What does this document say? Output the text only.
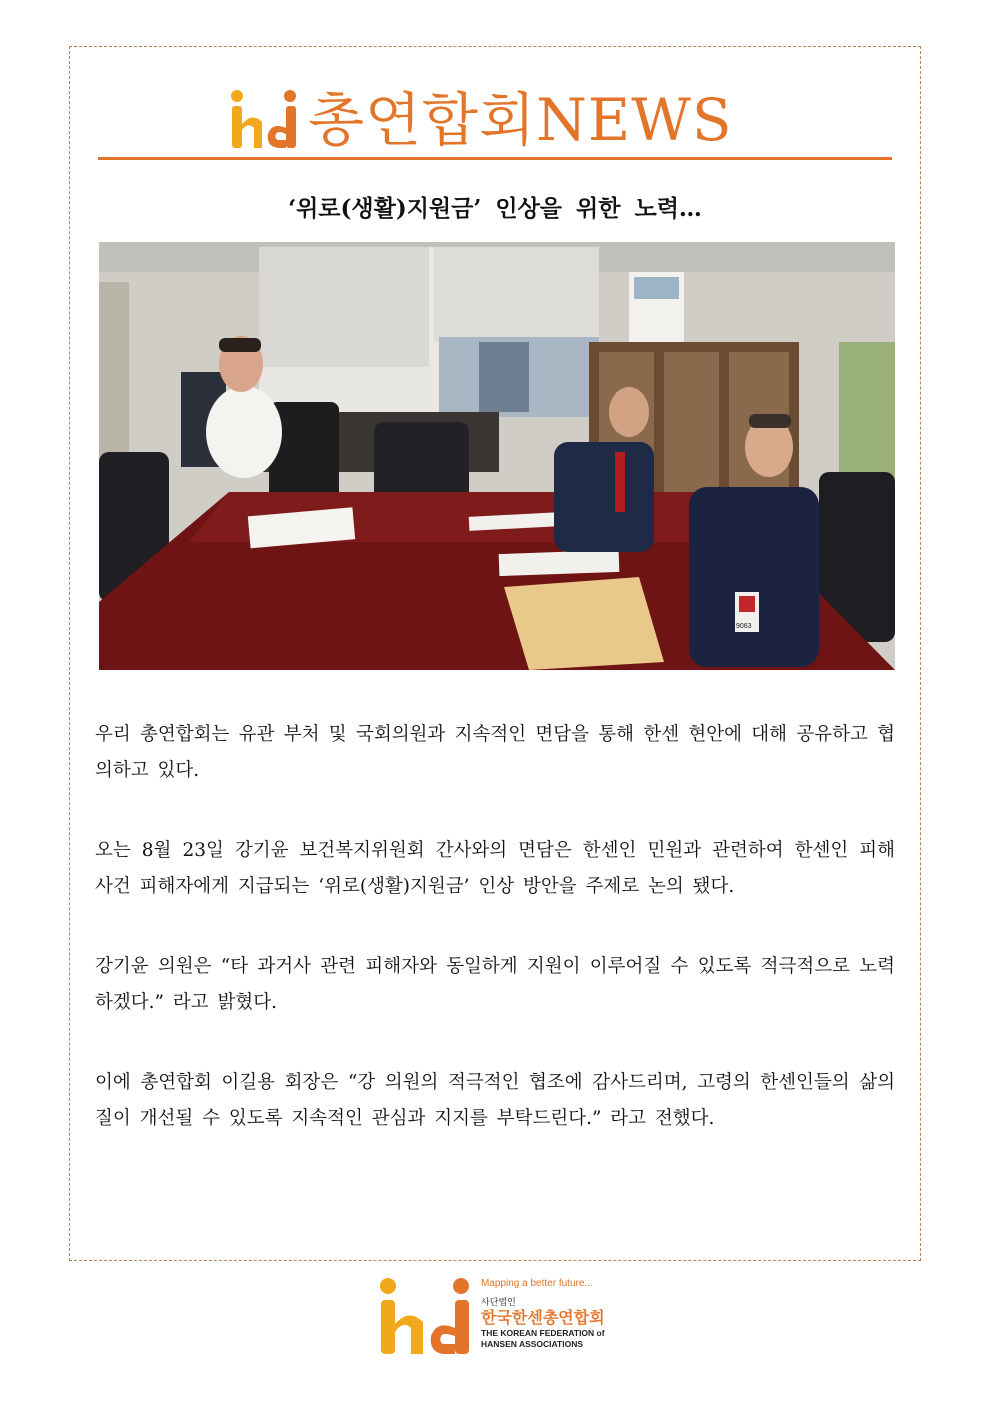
총연합회NEWS
‘위로(생활)지원금’ 인상을 위한 노력…
9063

우리 총연합회는 유관 부처 및 국회의원과 지속적인 면담을 통해 한센 현안에 대해 공유하고 협의하고 있다.

오는 8월 23일 강기윤 보건복지위원회 간사와의 면담은 한센인 민원과 관련하여 한센인 피해 사건 피해자에게 지급되는 ‘위로(생활)지원금’ 인상 방안을 주제로 논의 됐다.

강기윤 의원은 “타 과거사 관련 피해자와 동일하게 지원이 이루어질 수 있도록 적극적으로 노력하겠다.” 라고 밝혔다.

이에 총연합회 이길용 회장은 “강 의원의 적극적인 협조에 감사드리며, 고령의 한센인들의 삶의 질이 개선될 수 있도록 지속적인 관심과 지지를 부탁드린다.” 라고 전했다.

Mapping a better future...
사단법인
한국한센총연합회
THE KOREAN FEDERATION of
HANSEN ASSOCIATIONS
